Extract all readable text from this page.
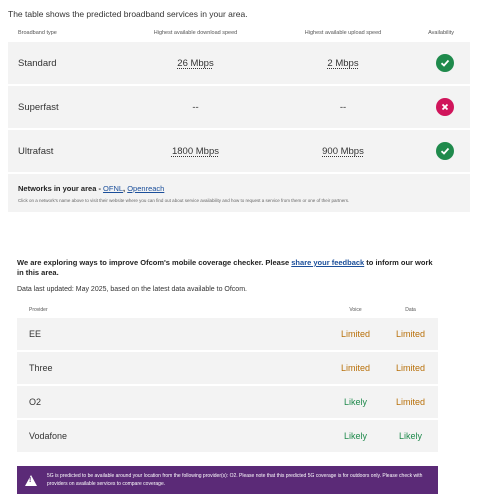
The table shows the predicted broadband services in your area.
Broadband type	Highest available download speed	Highest available upload speed	Availability
Standard	26 Mbps	2 Mbps
Superfast	--	--
Ultrafast	1800 Mbps	900 Mbps
Networks in your area - OFNL, Openreach
Click on a network's name above to visit their website where you can find out about service availability and how to request a service from them or one of their partners.
We are exploring ways to improve Ofcom's mobile coverage checker. Please share your feedback to inform our work in this area.
Data last updated: May 2025, based on the latest data available to Ofcom.
Provider	Voice	Data
EE	Limited	Limited
Three	Limited	Limited
O2	Likely	Limited
Vodafone	Likely	Likely
!
5G is predicted to be available around your location from the following provider(s): O2. Please note that this predicted 5G coverage is for outdoors only. Please check with providers on available services to compare coverage.
